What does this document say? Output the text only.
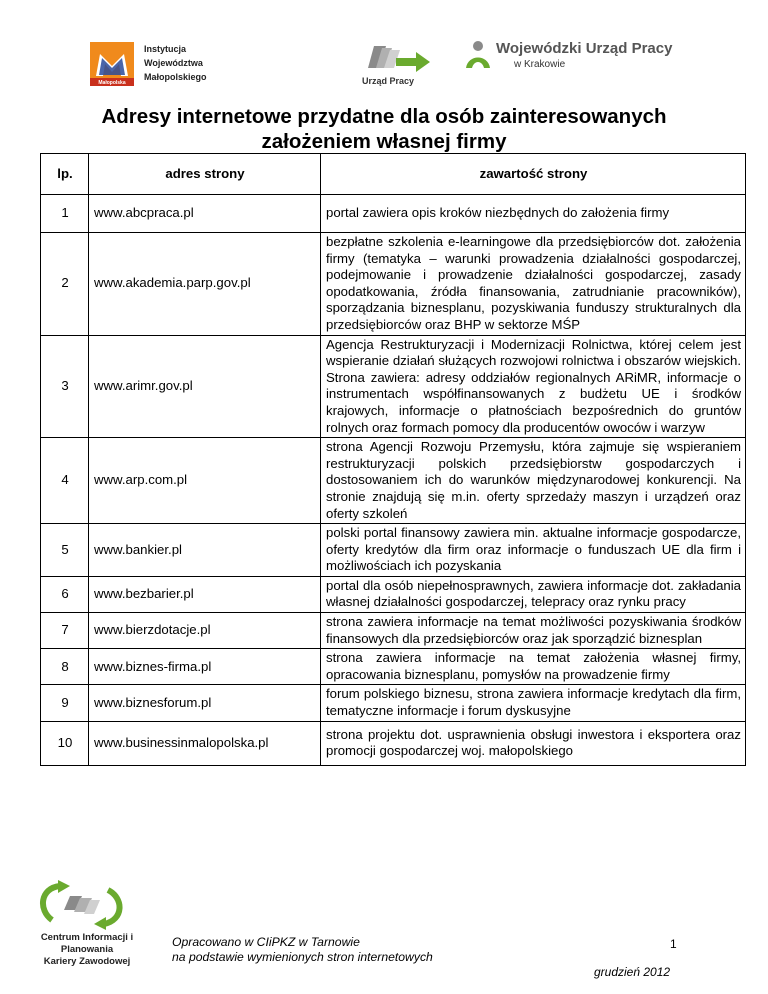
Małopolska
Instytucja
Województwa
Małopolskiego	Urząd Pracy
Wojewódzki Urząd Pracy
w Krakowie
Adresy internetowe przydatne dla osób zainteresowanych
założeniem własnej firmy
lp.	adres strony	zawartość strony
1	www.abcpraca.pl	portal zawiera opis kroków niezbędnych do założenia firmy
2	www.akademia.parp.gov.pl	bezpłatne szkolenia e-learningowe dla przedsiębiorców dot. założenia firmy (tematyka – warunki prowadzenia działalności gospodarczej, podejmowanie i prowadzenie działalności gospodarczej, zasady opodatkowania, źródła finansowania, zatrudnianie pracowników), sporządzania biznesplanu, pozyskiwania funduszy strukturalnych dla przedsiębiorców oraz BHP w sektorze MŚP
3	www.arimr.gov.pl	Agencja Restrukturyzacji i Modernizacji Rolnictwa, której celem jest wspieranie działań służących rozwojowi rolnictwa i obszarów wiejskich. Strona zawiera: adresy oddziałów regionalnych ARiMR, informacje o instrumentach współfinansowanych z budżetu UE i środków krajowych, informacje o płatnościach bezpośrednich do gruntów rolnych oraz formach pomocy dla producentów owoców i warzyw
4	www.arp.com.pl	strona Agencji Rozwoju Przemysłu, która zajmuje się wspieraniem restrukturyzacji polskich przedsiębiorstw gospodarczych i dostosowaniem ich do warunków międzynarodowej konkurencji. Na stronie znajdują się m.in. oferty sprzedaży maszyn i urządzeń oraz oferty szkoleń
5	www.bankier.pl	polski portal finansowy zawiera min. aktualne informacje gospodarcze, oferty kredytów dla firm oraz informacje o funduszach UE dla firm i możliwościach ich pozyskania
6	www.bezbarier.pl	portal dla osób niepełnosprawnych, zawiera informacje dot. zakładania własnej działalności gospodarczej, telepracy oraz rynku pracy
7	www.bierzdotacje.pl	strona zawiera informacje na temat możliwości pozyskiwania środków finansowych dla przedsiębiorców oraz jak sporządzić biznesplan
8	www.biznes-firma.pl	strona zawiera informacje na temat założenia własnej firmy, opracowania biznesplanu, pomysłów na prowadzenie firmy
9	www.biznesforum.pl	forum polskiego biznesu, strona zawiera informacje kredytach dla firm, tematyczne informacje i forum dyskusyjne
10	www.businessinmalopolska.pl	strona projektu dot. usprawnienia obsługi inwestora i eksportera oraz promocji gospodarczej woj. małopolskiego
Centrum Informacji i Planowania
Kariery Zawodowej
Opracowano w CIiPKZ w Tarnowie
na podstawie wymienionych stron internetowych
1
grudzień 2012
